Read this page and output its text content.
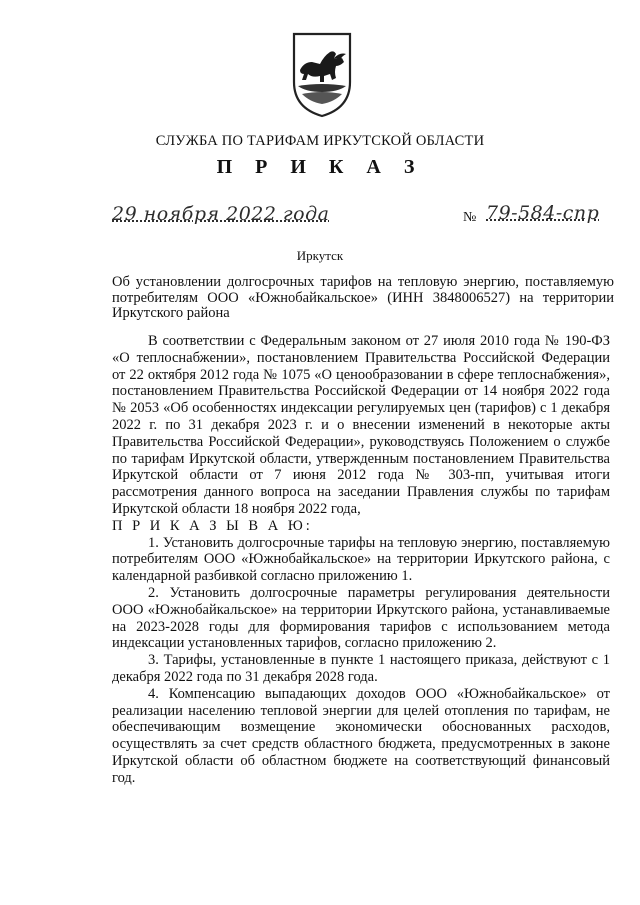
СЛУЖБА ПО ТАРИФАМ ИРКУТСКОЙ ОБЛАСТИ
П Р И К А З
29 ноября 2022 года	№ 79-584-спр
Иркутск
Об установлении долгосрочных тарифов на тепловую энергию, поставляемую потребителям ООО «Южнобайкальское» (ИНН 3848006527) на территории Иркутского района

В соответствии с Федеральным законом от 27 июля 2010 года № 190-ФЗ «О теплоснабжении», постановлением Правительства Российской Федерации от 22 октября 2012 года № 1075 «О ценообразовании в сфере теплоснабжения», постановлением Правительства Российской Федерации от 14 ноября 2022 года № 2053 «Об особенностях индексации регулируемых цен (тарифов) с 1 декабря 2022 г. по 31 декабря 2023 г. и о внесении изменений в некоторые акты Правительства Российской Федерации», руководствуясь Положением о службе по тарифам Иркутской области, утвержденным постановлением Правительства Иркутской области от 7 июня 2012 года № 303-пп, учитывая итоги рассмотрения данного вопроса на заседании Правления службы по тарифам Иркутской области 18 ноября 2022 года,

П Р И К А З Ы В А Ю:

1. Установить долгосрочные тарифы на тепловую энергию, поставляемую потребителям ООО «Южнобайкальское» на территории Иркутского района, с календарной разбивкой согласно приложению 1.

2. Установить долгосрочные параметры регулирования деятельности ООО «Южнобайкальское» на территории Иркутского района, устанавливаемые на 2023-2028 годы для формирования тарифов с использованием метода индексации установленных тарифов, согласно приложению 2.

3. Тарифы, установленные в пункте 1 настоящего приказа, действуют с 1 декабря 2022 года по 31 декабря 2028 года.

4. Компенсацию выпадающих доходов ООО «Южнобайкальское» от реализации населению тепловой энергии для целей отопления по тарифам, не обеспечивающим возмещение экономически обоснованных расходов, осуществлять за счет средств областного бюджета, предусмотренных в законе Иркутской области об областном бюджете на соответствующий финансовый год.
